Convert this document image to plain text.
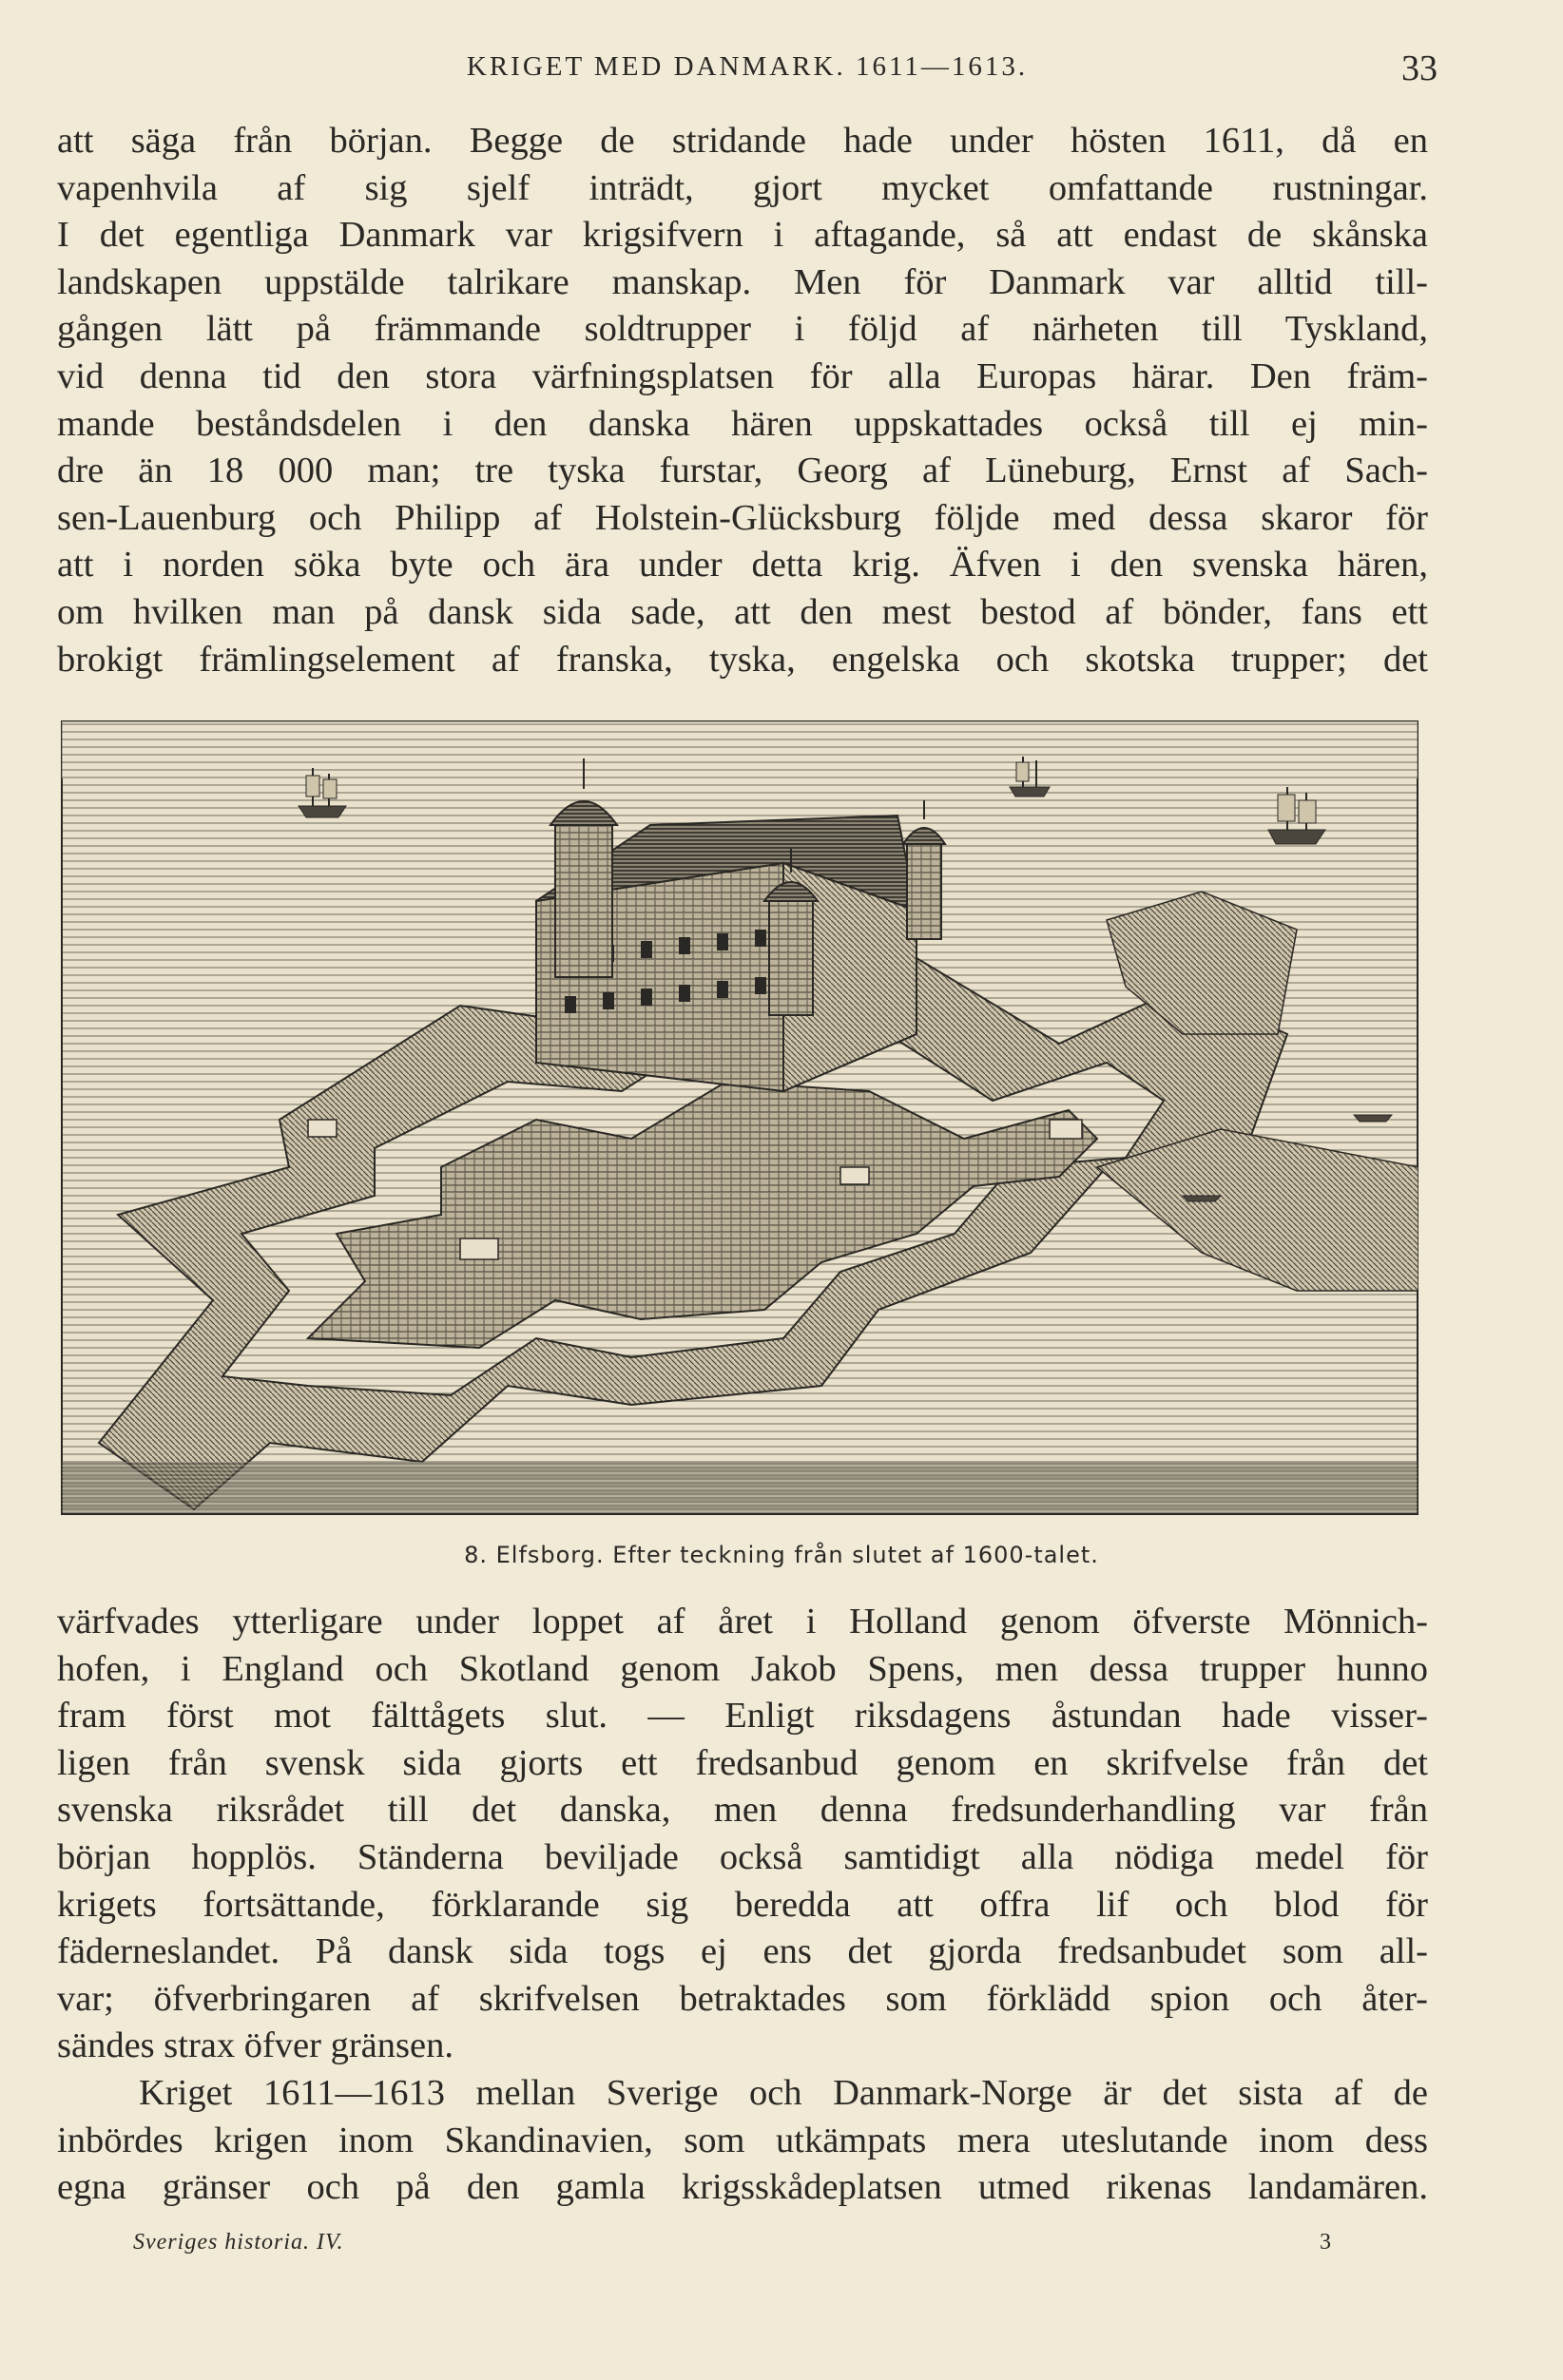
KRIGET MED DANMARK. 1611—1613.	33
att säga från början. Begge de stridande hade under hösten 1611, då en
vapenhvila af sig sjelf inträdt, gjort mycket omfattande rustningar.
I det egentliga Danmark var krigsifvern i aftagande, så att endast de skånska
landskapen uppstälde talrikare manskap. Men för Danmark var alltid till-
gången lätt på främmande soldtrupper i följd af närheten till Tyskland,
vid denna tid den stora värfningsplatsen för alla Europas härar. Den främ-
mande beståndsdelen i den danska hären uppskattades också till ej min-
dre än 18 000 man; tre tyska furstar, Georg af Lüneburg, Ernst af Sach-
sen-Lauenburg och Philipp af Holstein-Glücksburg följde med dessa skaror för
att i norden söka byte och ära under detta krig. Äfven i den svenska hären,
om hvilken man på dansk sida sade, att den mest bestod af bönder, fans ett
brokigt främlingselement af franska, tyska, engelska och skotska trupper; det
8. Elfsborg. Efter teckning från slutet af 1600-talet.
värfvades ytterligare under loppet af året i Holland genom öfverste Mönnich-
hofen, i England och Skotland genom Jakob Spens, men dessa trupper hunno
fram först mot fälttågets slut. — Enligt riksdagens åstundan hade visser-
ligen från svensk sida gjorts ett fredsanbud genom en skrifvelse från det
svenska riksrådet till det danska, men denna fredsunderhandling var från
början hopplös. Ständerna beviljade också samtidigt alla nödiga medel för
krigets fortsättande, förklarande sig beredda att offra lif och blod för
fäderneslandet. På dansk sida togs ej ens det gjorda fredsanbudet som all-
var; öfverbringaren af skrifvelsen betraktades som förklädd spion och åter-
sändes strax öfver gränsen.
Kriget 1611—1613 mellan Sverige och Danmark-Norge är det sista af de
inbördes krigen inom Skandinavien, som utkämpats mera uteslutande inom dess
egna gränser och på den gamla krigsskådeplatsen utmed rikenas landamären.
Sveriges historia. IV.	3
